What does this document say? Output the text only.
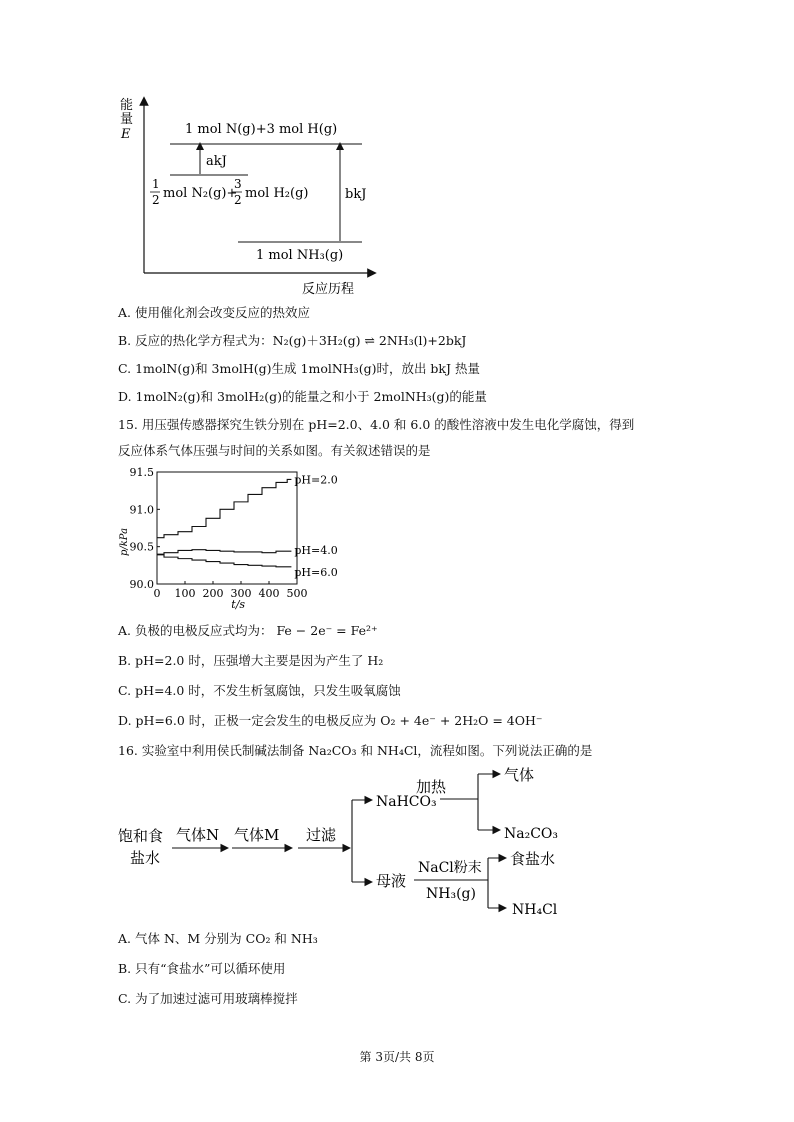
能
量
E	1 mol N(g)+3 mol H(g)
akJ
1
2 mol N₂(g)+
3
2 mol H₂(g)	bkJ
1 mol NH₃(g)
反应历程
A. 使用催化剂会改变反应的热效应
B. 反应的热化学方程式为：N₂(g)＋3H₂(g) ⇌ 2NH₃(l)+2bkJ
C. 1molN(g)和 3molH(g)生成 1molNH₃(g)时，放出 bkJ 热量
D. 1molN₂(g)和 3molH₂(g)的能量之和小于 2molNH₃(g)的能量
15. 用压强传感器探究生铁分别在 pH=2.0、4.0 和 6.0 的酸性溶液中发生电化学腐蚀，得到
反应体系气体压强与时间的关系如图。有关叙述错误的是
0 100 200 300 400 500
90.0
90.5
91.0
91.5
t/s
p/kPa
pH=2.0
pH=4.0
pH=6.0
A. 负极的电极反应式均为： Fe − 2e⁻ = Fe²⁺
B. pH=2.0 时，压强增大主要是因为产生了 H₂
C. pH=4.0 时，不发生析氢腐蚀，只发生吸氧腐蚀
D. pH=6.0 时，正极一定会发生的电极反应为 O₂ + 4e⁻ + 2H₂O = 4OH⁻
16. 实验室中利用侯氏制碱法制备 Na₂CO₃ 和 NH₄Cl，流程如图。下列说法正确的是
饱和食
盐水
气体N 气体M 过滤
NaHCO₃
加热
气体
Na₂CO₃
母液
NaCl粉末
NH₃(g)
食盐水
NH₄Cl
A. 气体 N、M 分别为 CO₂ 和 NH₃
B. 只有“食盐水”可以循环使用
C. 为了加速过滤可用玻璃棒搅拌
第 3页/共 8页
